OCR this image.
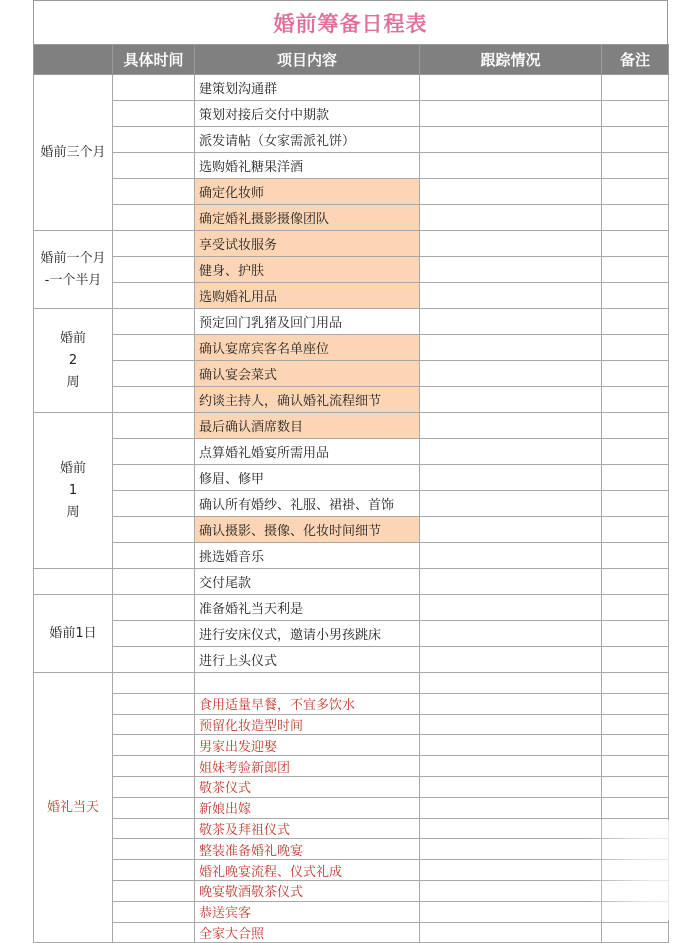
婚前筹备日程表
	具体时间	项目内容	跟踪情况	备注

婚前三个月		建策划沟通群		
		策划对接后交付中期款		
		派发请帖（女家需派礼饼）		
		选购婚礼糖果洋酒		
		确定化妆师		
		确定婚礼摄影摄像团队		

婚前一个月
-一个半月		享受试妆服务		
		健身、护肤		
		选购婚礼用品		

婚前
2
周		预定回门乳猪及回门用品		
		确认宴席宾客名单座位		
		确认宴会菜式		
		约谈主持人，确认婚礼流程细节		

婚前
1
周		最后确认酒席数目		
		点算婚礼婚宴所需用品		
		修眉、修甲		
		确认所有婚纱、礼服、裙褂、首饰		
		确认摄影、摄像、化妆时间细节		
		挑选婚音乐		
		交付尾款		

婚前1日		准备婚礼当天利是		
		进行安床仪式，邀请小男孩跳床		
		进行上头仪式		

婚礼当天				

		食用适量早餐，不宜多饮水		
		预留化妆造型时间		
		男家出发迎娶		
		姐妹考验新郎团		
		敬茶仪式		
		新娘出嫁		
		敬茶及拜祖仪式		
		整装准备婚礼晚宴		
		婚礼晚宴流程、仪式礼成		
		晚宴敬酒敬茶仪式		
		恭送宾客		
		全家大合照		
